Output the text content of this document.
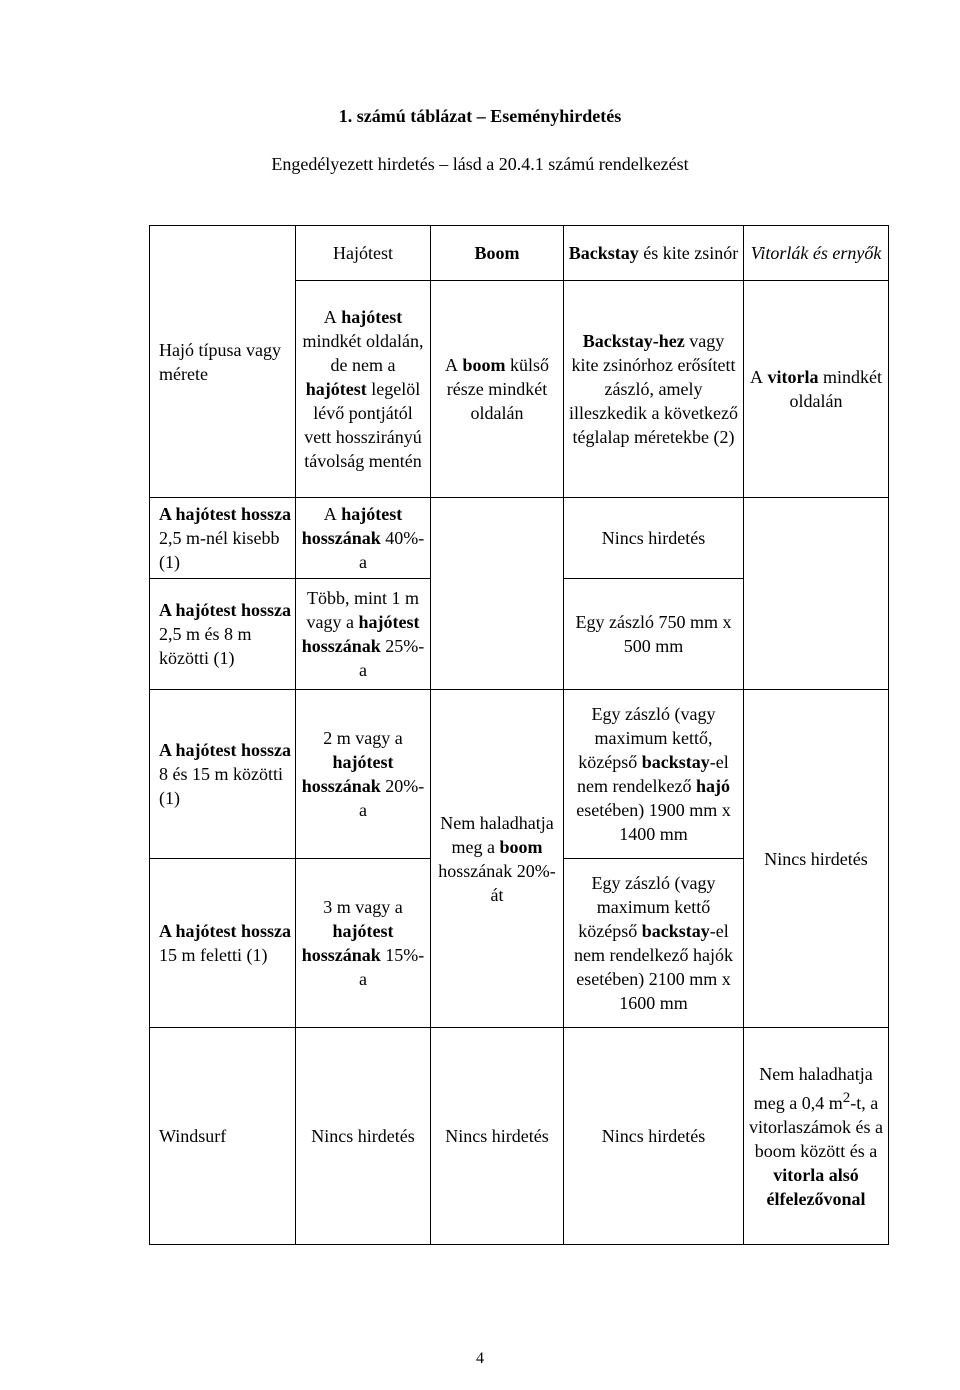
1. számú táblázat – Eseményhirdetés
Engedélyezett hirdetés – lásd a 20.4.1 számú rendelkezést
Hajó típusa vagy mérete	Hajótest	Boom	Backstay és kite zsinór	Vitorlák és ernyők
	A hajótest mindkét oldalán, de nem a hajótest legelöl lévő pontjától vett hosszirányú távolság mentén	A boom külső része mindkét oldalán	Backstay-hez vagy kite zsinórhoz erősített zászló, amely illeszkedik a következő téglalap méretekbe (2)	A vitorla mindkét oldalán
A hajótest hossza 2,5 m-nél kisebb (1)	A hajótest hosszának 40%-a		Nincs hirdetés	
A hajótest hossza 2,5 m és 8 m közötti (1)	Több, mint 1 m vagy a hajótest hosszának 25%-a		Egy zászló 750 mm x 500 mm	
A hajótest hossza 8 és 15 m közötti (1)	2 m vagy a hajótest hosszának 20%-a	Nem haladhatja meg a boom hosszának 20%-át	Egy zászló (vagy maximum kettő, középső backstay-el nem rendelkező hajó esetében) 1900 mm x 1400 mm	Nincs hirdetés
A hajótest hossza 15 m feletti (1)	3 m vagy a hajótest hosszának 15%-a		Egy zászló (vagy maximum kettő középső backstay-el nem rendelkező hajók esetében) 2100 mm x 1600 mm	
Windsurf	Nincs hirdetés	Nincs hirdetés	Nincs hirdetés	Nem haladhatja meg a 0,4 $m^2-t$, a vitorlaszámok és a boom között és a vitorla alsó élfelezővonal
4
